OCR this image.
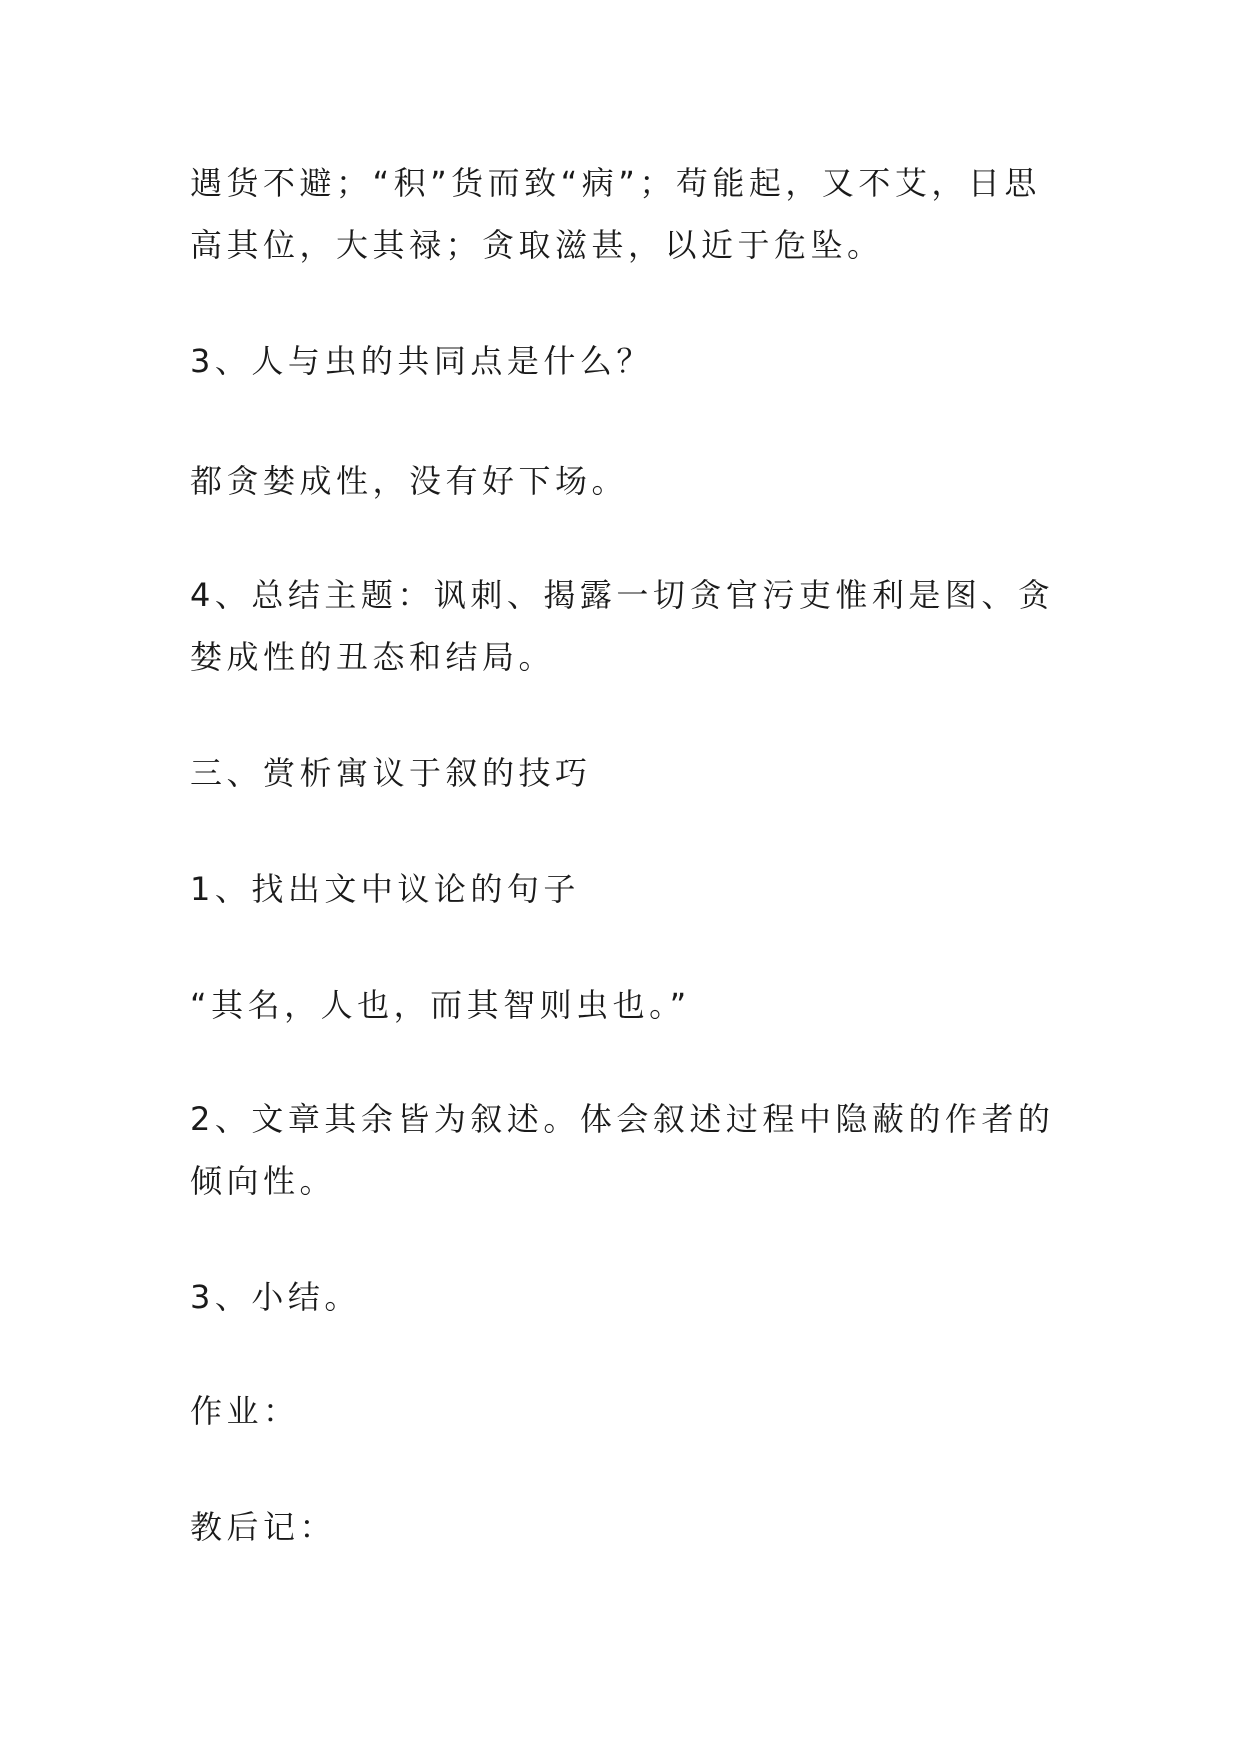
遇货不避；“积”货而致“病”；苟能起，又不艾，日思高其位，大其禄；贪取滋甚，以近于危坠。

3、人与虫的共同点是什么？

都贪婪成性，没有好下场。

4、总结主题：讽刺、揭露一切贪官污吏惟利是图、贪婪成性的丑态和结局。

三、赏析寓议于叙的技巧

1、找出文中议论的句子

“其名，人也，而其智则虫也。”

2、文章其余皆为叙述。体会叙述过程中隐蔽的作者的倾向性。

3、小结。

作业：

教后记：
